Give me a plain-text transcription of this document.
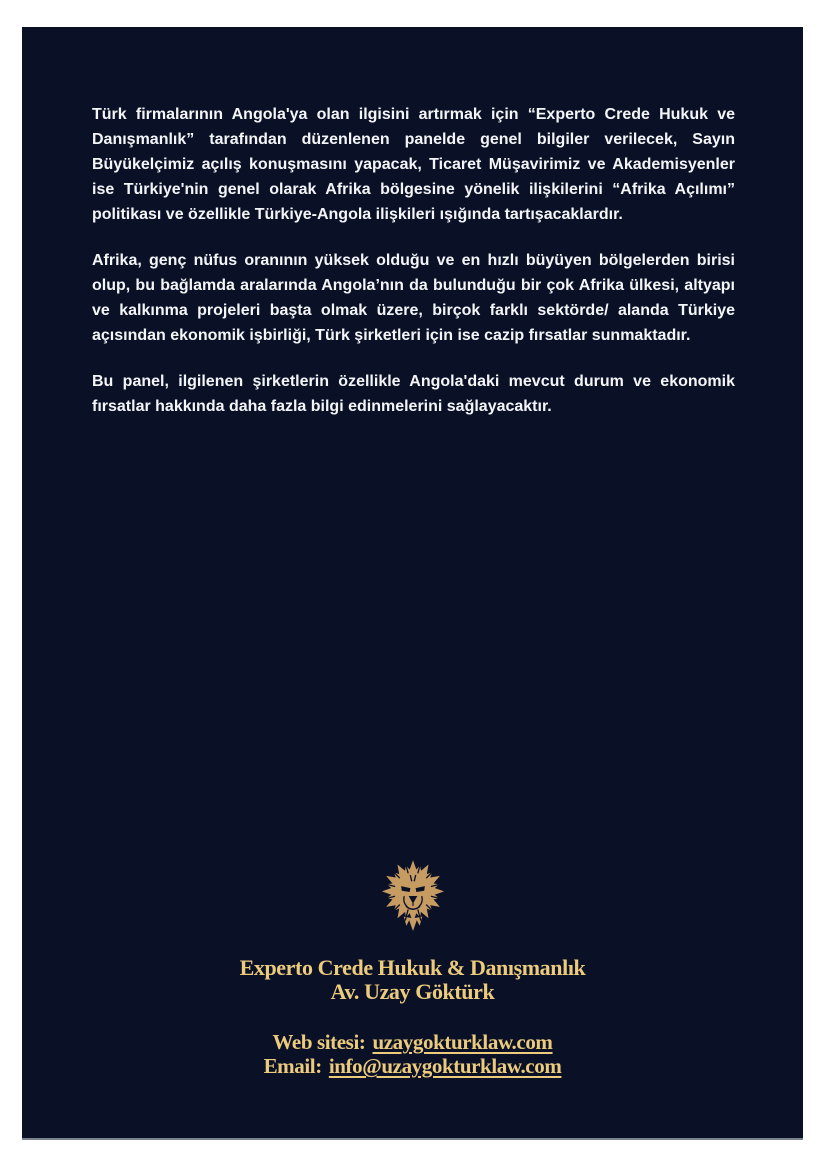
Türk firmalarının Angola'ya olan ilgisini artırmak için “Experto Crede Hukuk ve Danışmanlık” tarafından düzenlenen panelde genel bilgiler verilecek, Sayın Büyükelçimiz açılış konuşmasını yapacak, Ticaret Müşavirimiz ve Akademisyenler ise Türkiye'nin genel olarak Afrika bölgesine yönelik ilişkilerini “Afrika Açılımı” politikası ve özellikle Türkiye-Angola ilişkileri ışığında tartışacaklardır.

Afrika, genç nüfus oranının yüksek olduğu ve en hızlı büyüyen bölgelerden birisi olup, bu bağlamda aralarında Angola’nın da bulunduğu bir çok Afrika ülkesi, altyapı ve kalkınma projeleri başta olmak üzere, birçok farklı sektörde/ alanda Türkiye açısından ekonomik işbirliği, Türk şirketleri için ise cazip fırsatlar sunmaktadır.

Bu panel, ilgilenen şirketlerin özellikle Angola'daki mevcut durum ve ekonomik fırsatlar hakkında daha fazla bilgi edinmelerini sağlayacaktır.

Experto Crede Hukuk & Danışmanlık
Av. Uzay Göktürk
Web sitesi: uzaygokturklaw.com
Email: info@uzaygokturklaw.com
